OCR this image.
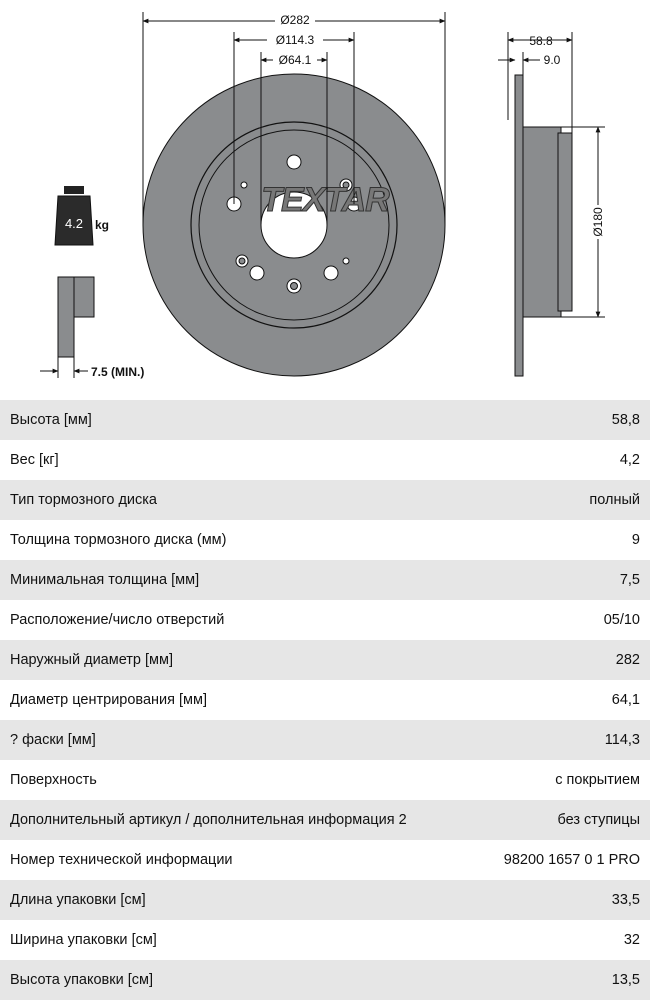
TEXTAR
Ø282
Ø114.3
Ø64.1
58.8
9.0
Ø180
4.2 kg
7.5 (MIN.)
Высота [мм]	58,8
Вес [кг]	4,2
Тип тормозного диска	полный
Толщина тормозного диска (мм)	9
Минимальная толщина [мм]	7,5
Расположение/число отверстий	05/10
Наружный диаметр [мм]	282
Диаметр центрирования [мм]	64,1
? фаски [мм]	114,3
Поверхность	с покрытием
Дополнительный артикул / дополнительная информация 2	без ступицы
Номер технической информации	98200 1657 0 1 PRO
Длина упаковки [см]	33,5
Ширина упаковки [см]	32
Высота упаковки [см]	13,5
